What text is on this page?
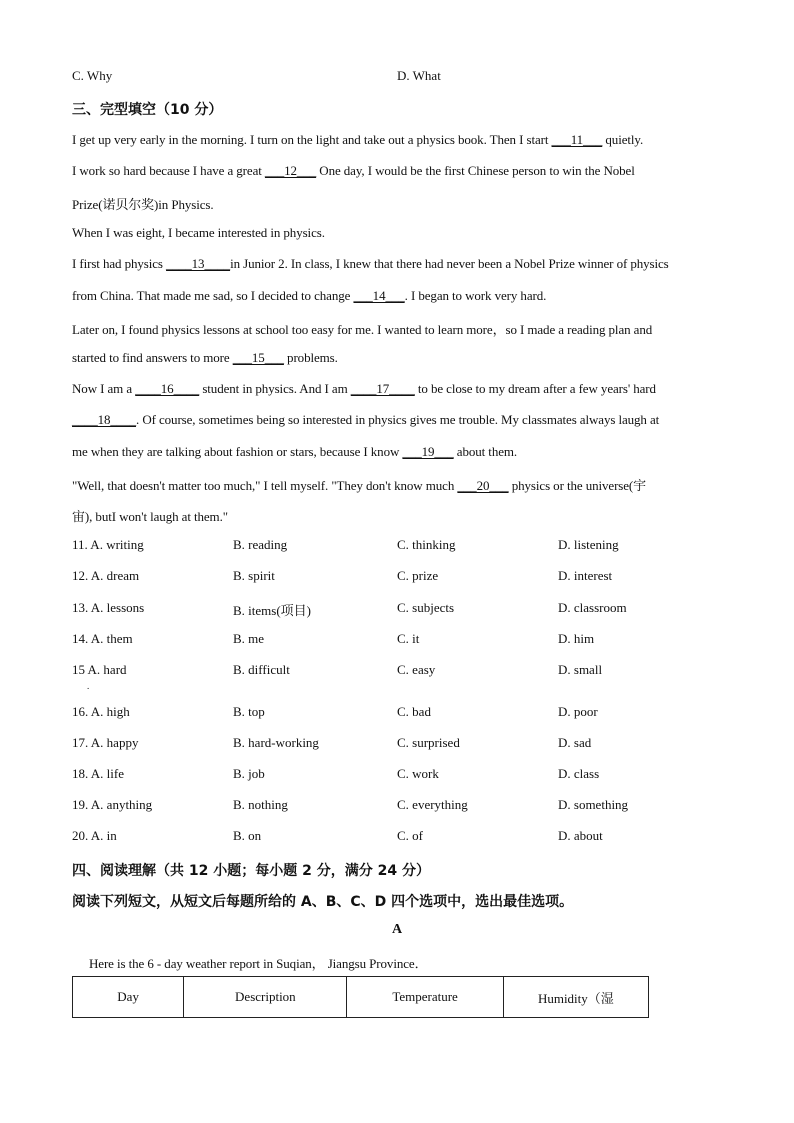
C. Why	D. What
三、完型填空（10 分）
I get up very early in the morning. I turn on the light and take out a physics book. Then I start ___11___ quietly.
I work so hard because I have a great ___12___ One day, I would be the first Chinese person to win the Nobel
Prize(诺贝尔奖)in Physics.
When I was eight, I became interested in physics.
I first had physics ____13____in Junior 2. In class, I knew that there had never been a Nobel Prize winner of physics
from China. That made me sad, so I decided to change ___14___. I began to work very hard.
Later on, I found physics lessons at school too easy for me. I wanted to learn more，so I made a reading plan and
started to find answers to more ___15___ problems.
Now I am a ____16____ student in physics. And I am ____17____ to be close to my dream after a few years' hard
____18____. Of course, sometimes being so interested in physics gives me trouble. My classmates always laugh at
me when they are talking about fashion or stars, because I know ___19___ about them.
"Well, that doesn't matter too much," I tell myself. "They don't know much ___20___ physics or the universe(宇
宙), butI won't laugh at them."
11. A. writing	B. reading	C. thinking	D. listening
12. A. dream	B. spirit	C. prize	D. interest
13. A. lessons	B. items(项目)	C. subjects	D. classroom
14. A. them	B. me	C. it	D. him
15 A. hard	B. difficult	C. easy	D. small
16. A. high	B. top	C. bad	D. poor
17. A. happy	B. hard-working	C. surprised	D. sad
18. A. life	B. job	C. work	D. class
19. A. anything	B. nothing	C. everything	D. something
20. A. in	B. on	C. of	D. about
.
四、阅读理解（共 12 小题；每小题 2 分，满分 24 分）
阅读下列短文，从短文后每题所给的 A、B、C、D 四个选项中，选出最佳选项。
A
Here is the 6 - day weather report in Suqian， Jiangsu Province．
Day	Description	Temperature	Humidity（湿
